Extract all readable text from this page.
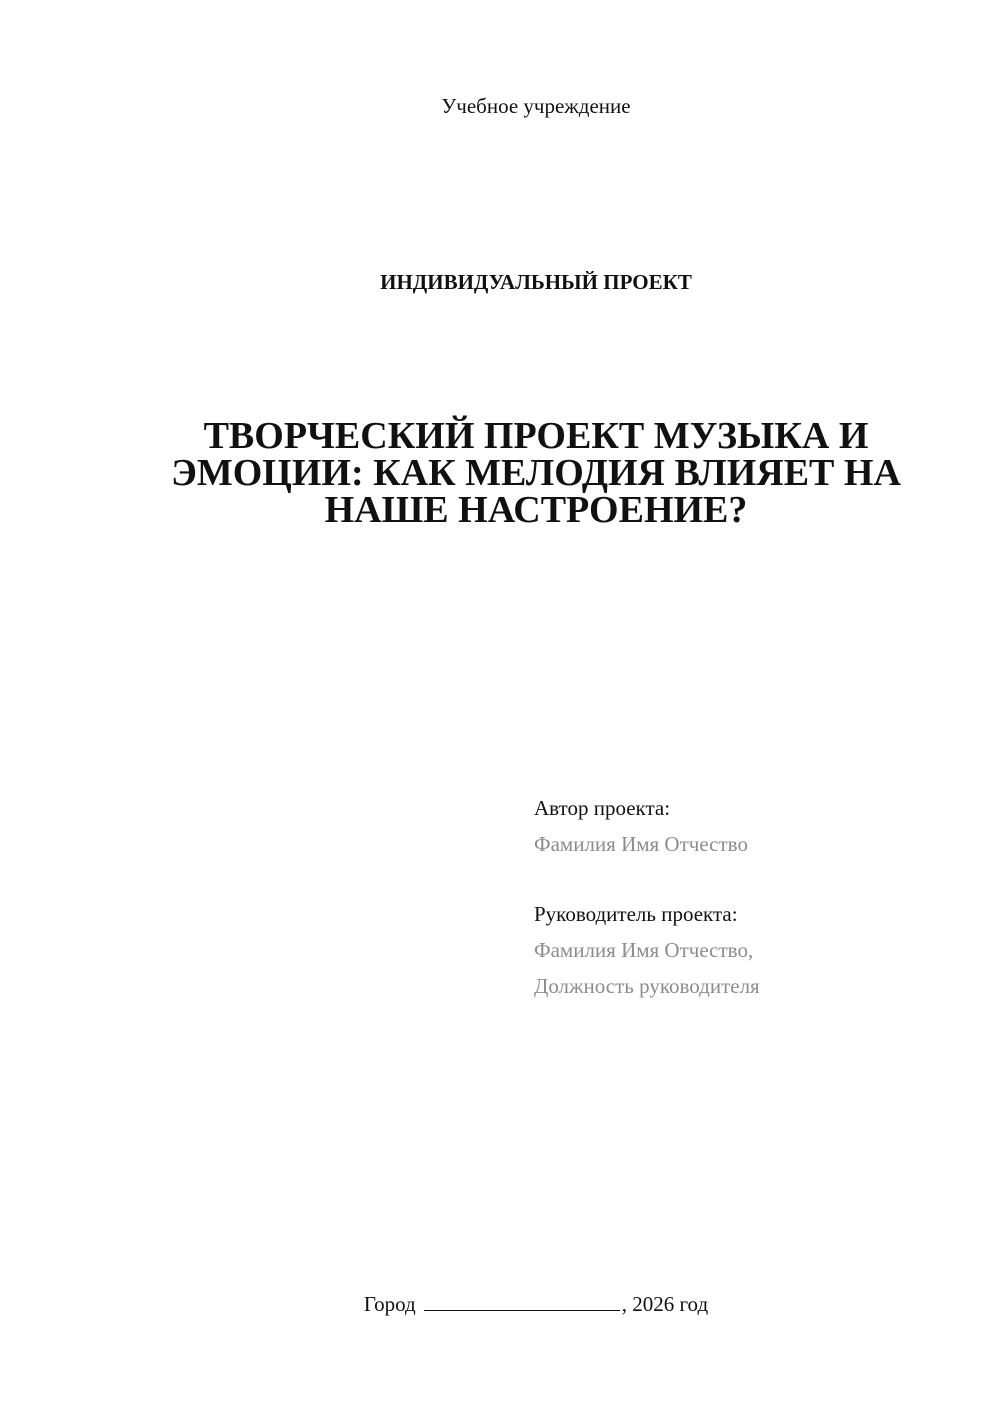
Учебное учреждение
ИНДИВИДУАЛЬНЫЙ ПРОЕКТ
ТВОРЧЕСКИЙ ПРОЕКТ МУЗЫКА И
ЭМОЦИИ: КАК МЕЛОДИЯ ВЛИЯЕТ НА
НАШЕ НАСТРОЕНИЕ?
Автор проекта:
Фамилия Имя Отчество
Руководитель проекта:
Фамилия Имя Отчество,
Должность руководителя
Город	, 2026 год
